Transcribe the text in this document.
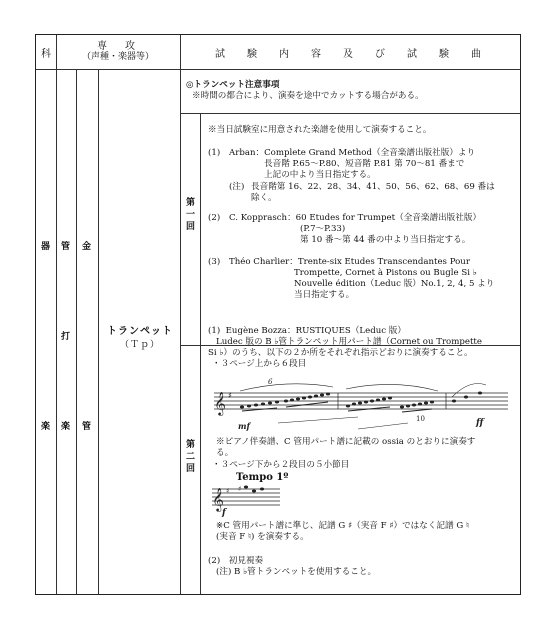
科
専　攻
（声種・楽器等）	試　験　内　容　及　び　試　験　曲
器
楽
管
打
楽
金
管
トランペット
（Ｔｐ）
◎トランペット注意事項
※時間の都合により、演奏を途中でカットする場合がある。
第
一
回
※当日試験室に用意された楽譜を使用して演奏すること。
(1) Arban：Complete Grand Method（全音楽譜出版社版）より
長音階 P.65〜P.80、短音階 P.81 第 70〜81 番まで
上記の中より当日指定する。
(注) 長音階第 16、22、28、34、41、50、56、62、68、69 番は
除く。
(2) C. Kopprasch：60 Etudes for Trumpet（全音楽譜出版社版）
(P.7〜P.33)
第 10 番〜第 44 番の中より当日指定する。
(3) Théo Charlier：Trente-six Etudes Transcendantes Pour
Trompette, Cornet à Pistons ou Bugle Si ♭
Nouvelle édition（Leduc 版）No.1, 2, 4, 5 より
当日指定する。
第
二
回
(1)  Eugène Bozza：RUSTIQUES（Leduc 版）
Ludec 版の B ♭管トランペット用パート譜（Cornet ou Trompette
Si ♭）のうち、以下の２か所をそれぞれ指示どおりに演奏すること。
・３ページ上から６段目
𝄞 ♯
6
10
mf	ff
※ピアノ伴奏譜、C 管用パート譜に記載の ossia のとおりに演奏す
る。
・３ページ下から２段目の５小節目
Tempo 1º
𝄞 ♯ ♯
f
※C 管用パート譜に準じ、記譜 G ♯（実音 F ♯）ではなく記譜 G ♮
(実音 F ♮) を演奏する。
(2)　初見視奏
(注) B ♭管トランペットを使用すること。
